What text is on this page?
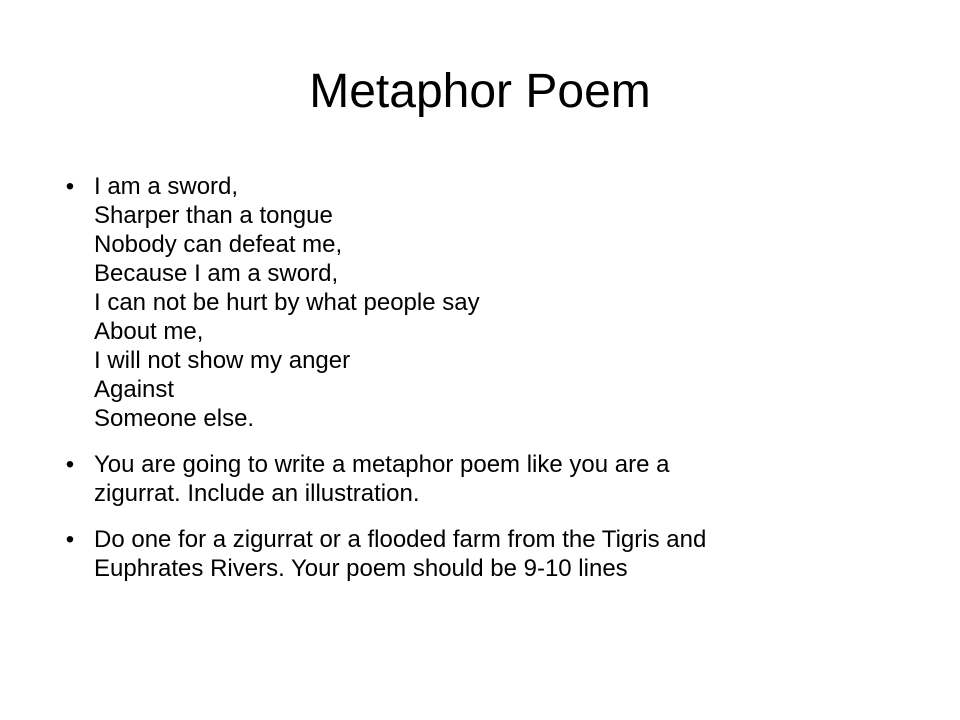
Metaphor Poem
• I am a sword,
Sharper than a tongue
Nobody can defeat me,
Because I am a sword,
I can not be hurt by what people say
About me,
I will not show my anger
Against
Someone else.
• You are going to write a metaphor poem like you are a
zigurrat. Include an illustration.
• Do one for a zigurrat or a flooded farm from the Tigris and
Euphrates Rivers. Your poem should be 9-10 lines
